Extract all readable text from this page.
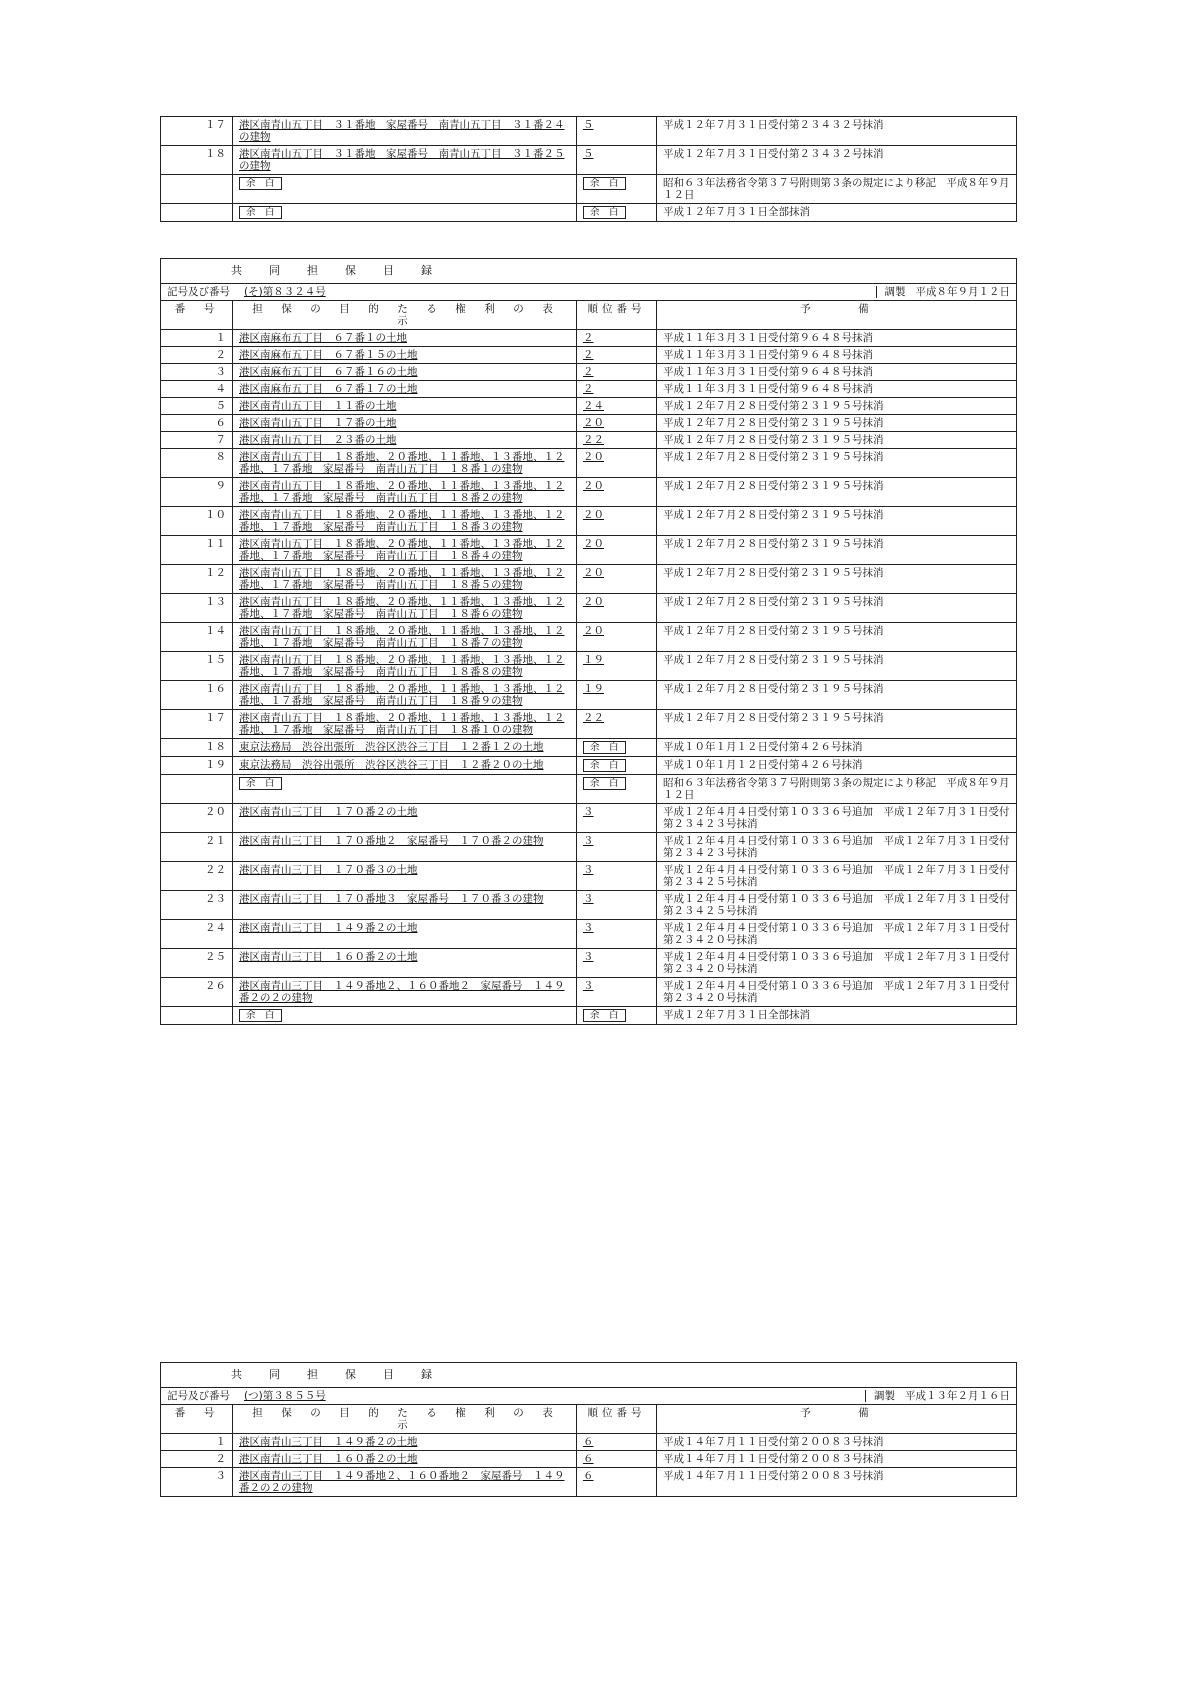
１７	港区南青山五丁目　３１番地　家屋番号　南青山五丁目　３１番２４の建物	５	平成１２年７月３１日受付第２３４３２号抹消
１８	港区南青山五丁目　３１番地　家屋番号　南青山五丁目　３１番２５の建物	５	平成１２年７月３１日受付第２３４３２号抹消
	余　白	余　白	昭和６３年法務省令第３７号附則第３条の規定により移記　平成８年９月１２日
	余　白	余　白	平成１２年７月３１日全部抹消
共　同　担　保　目　録			

記号及び番号 (そ)第８３２４号 調製 平成８年９月１２日			

番　号	担　保　の　目　的　た　る　権　利　の　表　示	順位番号	予　　　備
１	港区南麻布五丁目　６７番１の土地	２	平成１１年３月３１日受付第９６４８号抹消
２	港区南麻布五丁目　６７番１５の土地	２	平成１１年３月３１日受付第９６４８号抹消
３	港区南麻布五丁目　６７番１６の土地	２	平成１１年３月３１日受付第９６４８号抹消
４	港区南麻布五丁目　６７番１７の土地	２	平成１１年３月３１日受付第９６４８号抹消
５	港区南青山五丁目　１１番の土地	２４	平成１２年７月２８日受付第２３１９５号抹消
６	港区南青山五丁目　１７番の土地	２０	平成１２年７月２８日受付第２３１９５号抹消
７	港区南青山五丁目　２３番の土地	２２	平成１２年７月２８日受付第２３１９５号抹消
８	港区南青山五丁目　１８番地、２０番地、１１番地、１３番地、１２番地、１７番地　家屋番号　南青山五丁目　１８番１の建物	２０	平成１２年７月２８日受付第２３１９５号抹消
９	港区南青山五丁目　１８番地、２０番地、１１番地、１３番地、１２番地、１７番地　家屋番号　南青山五丁目　１８番２の建物	２０	平成１２年７月２８日受付第２３１９５号抹消
１０	港区南青山五丁目　１８番地、２０番地、１１番地、１３番地、１２番地、１７番地　家屋番号　南青山五丁目　１８番３の建物	２０	平成１２年７月２８日受付第２３１９５号抹消
１１	港区南青山五丁目　１８番地、２０番地、１１番地、１３番地、１２番地、１７番地　家屋番号　南青山五丁目　１８番４の建物	２０	平成１２年７月２８日受付第２３１９５号抹消
１２	港区南青山五丁目　１８番地、２０番地、１１番地、１３番地、１２番地、１７番地　家屋番号　南青山五丁目　１８番５の建物	２０	平成１２年７月２８日受付第２３１９５号抹消
１３	港区南青山五丁目　１８番地、２０番地、１１番地、１３番地、１２番地、１７番地　家屋番号　南青山五丁目　１８番６の建物	２０	平成１２年７月２８日受付第２３１９５号抹消
１４	港区南青山五丁目　１８番地、２０番地、１１番地、１３番地、１２番地、１７番地　家屋番号　南青山五丁目　１８番７の建物	２０	平成１２年７月２８日受付第２３１９５号抹消
１５	港区南青山五丁目　１８番地、２０番地、１１番地、１３番地、１２番地、１７番地　家屋番号　南青山五丁目　１８番８の建物	１９	平成１２年７月２８日受付第２３１９５号抹消
１６	港区南青山五丁目　１８番地、２０番地、１１番地、１３番地、１２番地、１７番地　家屋番号　南青山五丁目　１８番９の建物	１９	平成１２年７月２８日受付第２３１９５号抹消
１７	港区南青山五丁目　１８番地、２０番地、１１番地、１３番地、１２番地、１７番地　家屋番号　南青山五丁目　１８番１０の建物	２２	平成１２年７月２８日受付第２３１９５号抹消
１８	東京法務局　渋谷出張所　渋谷区渋谷三丁目　１２番１２の土地	余　白	平成１０年１月１２日受付第４２６号抹消
１９	東京法務局　渋谷出張所　渋谷区渋谷三丁目　１２番２０の土地	余　白	平成１０年１月１２日受付第４２６号抹消
	余　白	余　白	昭和６３年法務省令第３７号附則第３条の規定により移記　平成８年９月１２日
２０	港区南青山三丁目　１７０番２の土地	３	平成１２年４月４日受付第１０３３６号追加　平成１２年７月３１日受付第２３４２３号抹消
２１	港区南青山三丁目　１７０番地２　家屋番号　１７０番２の建物	３	平成１２年４月４日受付第１０３３６号追加　平成１２年７月３１日受付第２３４２３号抹消
２２	港区南青山三丁目　１７０番３の土地	３	平成１２年４月４日受付第１０３３６号追加　平成１２年７月３１日受付第２３４２５号抹消
２３	港区南青山三丁目　１７０番地３　家屋番号　１７０番３の建物	３	平成１２年４月４日受付第１０３３６号追加　平成１２年７月３１日受付第２３４２５号抹消
２４	港区南青山三丁目　１４９番２の土地	３	平成１２年４月４日受付第１０３３６号追加　平成１２年７月３１日受付第２３４２０号抹消
２５	港区南青山三丁目　１６０番２の土地	３	平成１２年４月４日受付第１０３３６号追加　平成１２年７月３１日受付第２３４２０号抹消
２６	港区南青山三丁目　１４９番地２、１６０番地２　家屋番号　１４９番２の２の建物	３	平成１２年４月４日受付第１０３３６号追加　平成１２年７月３１日受付第２３４２０号抹消
	余　白	余　白	平成１２年７月３１日全部抹消
共　同　担　保　目　録			

記号及び番号 (つ)第３８５５号 調製 平成１３年２月１６日			

番　号	担　保　の　目　的　た　る　権　利　の　表　示	順位番号	予　　　備
１	港区南青山三丁目　１４９番２の土地	６	平成１４年７月１１日受付第２００８３号抹消
２	港区南青山三丁目　１６０番２の土地	６	平成１４年７月１１日受付第２００８３号抹消
３	港区南青山三丁目　１４９番地２、１６０番地２　家屋番号　１４９番２の２の建物	６	平成１４年７月１１日受付第２００８３号抹消
